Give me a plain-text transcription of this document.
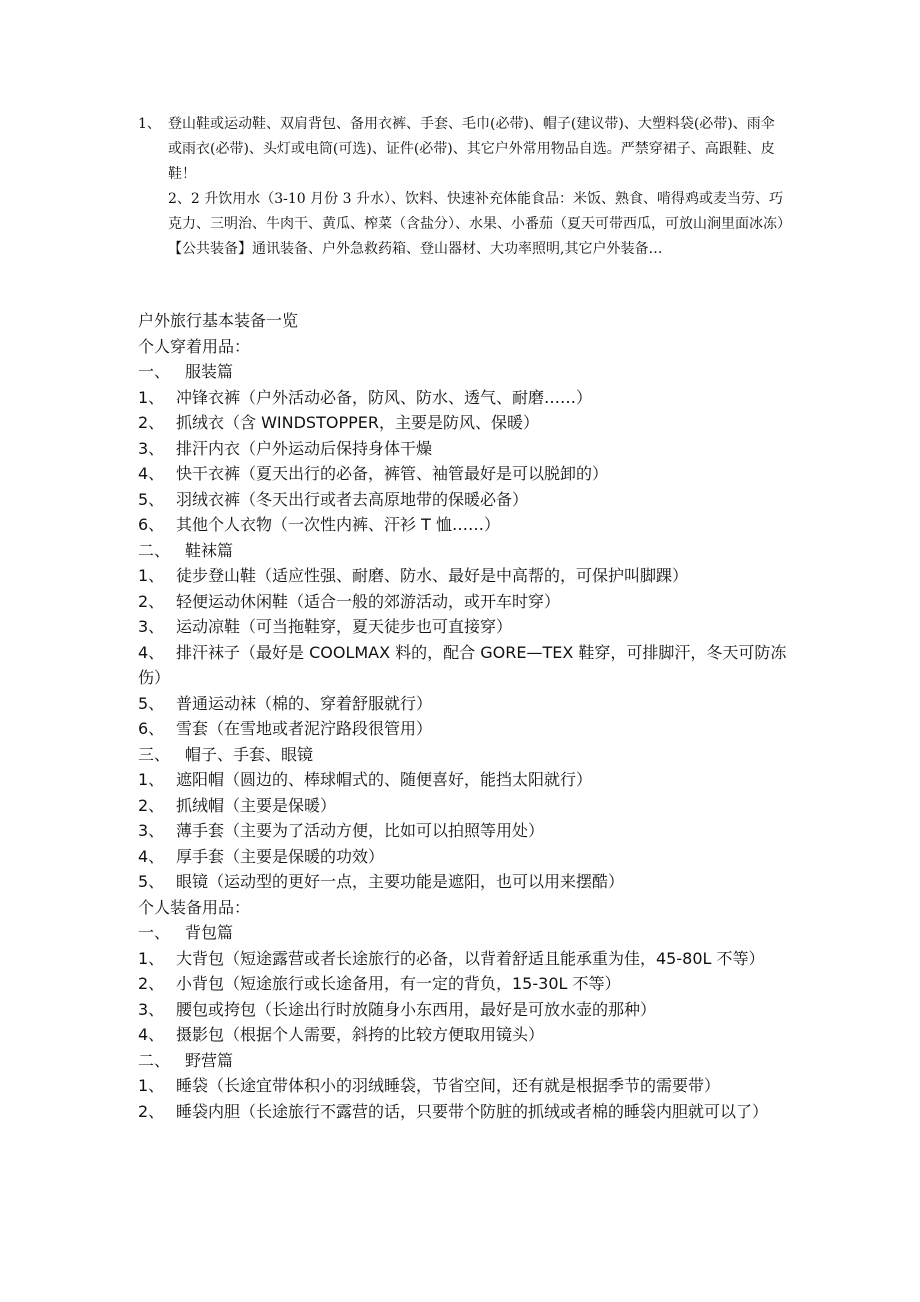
1、 登山鞋或运动鞋、双肩背包、备用衣裤、手套、毛巾(必带)、帽子(建议带)、大塑料袋(必带)、雨伞或雨衣(必带)、头灯或电筒(可选)、证件(必带)、其它户外常用物品自选。严禁穿裙子、高跟鞋、皮鞋！
2、2 升饮用水（3-10 月份 3 升水）、饮料、快速补充体能食品：米饭、熟食、啃得鸡或麦当劳、巧克力、三明治、牛肉干、黄瓜、榨菜（含盐分）、水果、小番茄（夏天可带西瓜，可放山涧里面冰冻）
【公共装备】通讯装备、户外急救药箱、登山器材、大功率照明,其它户外装备…
户外旅行基本装备一览
个人穿着用品：
一、 服装篇
1、 冲锋衣裤（户外活动必备，防风、防水、透气、耐磨……）
2、 抓绒衣（含 WINDSTOPPER，主要是防风、保暖）
3、 排汗内衣（户外运动后保持身体干燥
4、 快干衣裤（夏天出行的必备，裤管、袖管最好是可以脱卸的）
5、 羽绒衣裤（冬天出行或者去高原地带的保暖必备）
6、 其他个人衣物（一次性内裤、汗衫 T 恤……）
二、 鞋袜篇
1、 徒步登山鞋（适应性强、耐磨、防水、最好是中高帮的，可保护叫脚踝）
2、 轻便运动休闲鞋（适合一般的郊游活动，或开车时穿）
3、 运动凉鞋（可当拖鞋穿，夏天徒步也可直接穿）
4、 排汗袜子（最好是 COOLMAX 料的，配合 GORE—TEX 鞋穿，可排脚汗，冬天可防冻伤）
5、 普通运动袜（棉的、穿着舒服就行）
6、 雪套（在雪地或者泥泞路段很管用）
三、 帽子、手套、眼镜
1、 遮阳帽（圆边的、棒球帽式的、随便喜好，能挡太阳就行）
2、 抓绒帽（主要是保暖）
3、 薄手套（主要为了活动方便，比如可以拍照等用处）
4、 厚手套（主要是保暖的功效）
5、 眼镜（运动型的更好一点，主要功能是遮阳，也可以用来摆酷）
个人装备用品：
一、 背包篇
1、 大背包（短途露营或者长途旅行的必备，以背着舒适且能承重为佳，45-80L 不等）
2、 小背包（短途旅行或长途备用，有一定的背负，15-30L 不等）
3、 腰包或挎包（长途出行时放随身小东西用，最好是可放水壶的那种）
4、 摄影包（根据个人需要，斜挎的比较方便取用镜头）
二、 野营篇
1、 睡袋（长途宜带体积小的羽绒睡袋，节省空间，还有就是根据季节的需要带）
2、 睡袋内胆（长途旅行不露营的话，只要带个防脏的抓绒或者棉的睡袋内胆就可以了）
